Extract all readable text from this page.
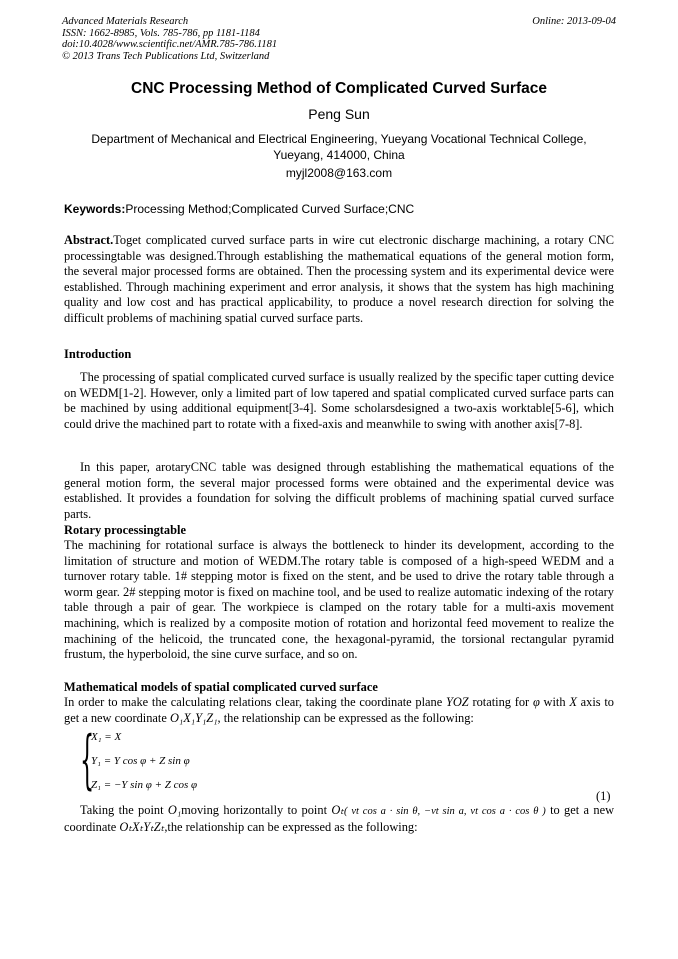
Advanced Materials Research
ISSN: 1662-8985, Vols. 785-786, pp 1181-1184
doi:10.4028/www.scientific.net/AMR.785-786.1181
© 2013 Trans Tech Publications Ltd, Switzerland
Online: 2013-09-04
CNC Processing Method of Complicated Curved Surface
Peng Sun
Department of Mechanical and Electrical Engineering, Yueyang Vocational Technical College, Yueyang, 414000, China
myjl2008@163.com
Keywords:Processing Method;Complicated Curved Surface;CNC
Abstract.Toget complicated curved surface parts in wire cut electronic discharge machining, a rotary CNC processingtable was designed.Through establishing the mathematical equations of the general motion form, the several major processed forms are obtained. Then the processing system and its experimental device were established. Through machining experiment and error analysis, it shows that the system has high machining quality and low cost and has practical applicability, to produce a novel research direction for solving the difficult problems of machining spatial curved surface parts.
Introduction
The processing of spatial complicated curved surface is usually realized by the specific taper cutting device on WEDM[1-2]. However, only a limited part of low tapered and spatial complicated curved surface parts can be machined by using additional equipment[3-4]. Some scholarsdesigned a two-axis worktable[5-6], which could drive the machined part to rotate with a fixed-axis and meanwhile to swing with another axis[7-8].
In this paper, arotaryCNC table was designed through establishing the mathematical equations of the general motion form, the several major processed forms were obtained and the experimental device was established. It provides a foundation for solving the difficult problems of machining spatial curved surface parts.
Rotary processingtable
The machining for rotational surface is always the bottleneck to hinder its development, according to the limitation of structure and motion of WEDM.The rotary table is composed of a high-speed WEDM and a turnover rotary table. 1# stepping motor is fixed on the stent, and be used to drive the rotary table through a worm gear. 2# stepping motor is fixed on machine tool, and be used to realize automatic indexing of the rotary table through a pair of gear. The workpiece is clamped on the rotary table for a multi-axis movement machining, which is realized by a composite motion of rotation and horizontal feed movement to realize the machining of the helicoid, the truncated cone, the hexagonal-pyramid, the torsional rectangular pyramid frustum, the hyperboloid, the sine curve surface, and so on.
Mathematical models of spatial complicated curved surface
In order to make the calculating relations clear, taking the coordinate plane YOZ rotating for φ with X axis to get a new coordinate O₁X₁Y₁Z₁, the relationship can be expressed as the following:
{
X₁ = X
Y₁ = Y cos φ + Z sin φ
Z₁ = −Y sin φ + Z cos φ
(1)
Taking the point O₁moving horizontally to point Oₜ( vt cos a · sin θ, −vt sin a, vt cos a · cos θ ) to get a new coordinate OₜXₜYₜZₜ,the relationship can be expressed as the following:
